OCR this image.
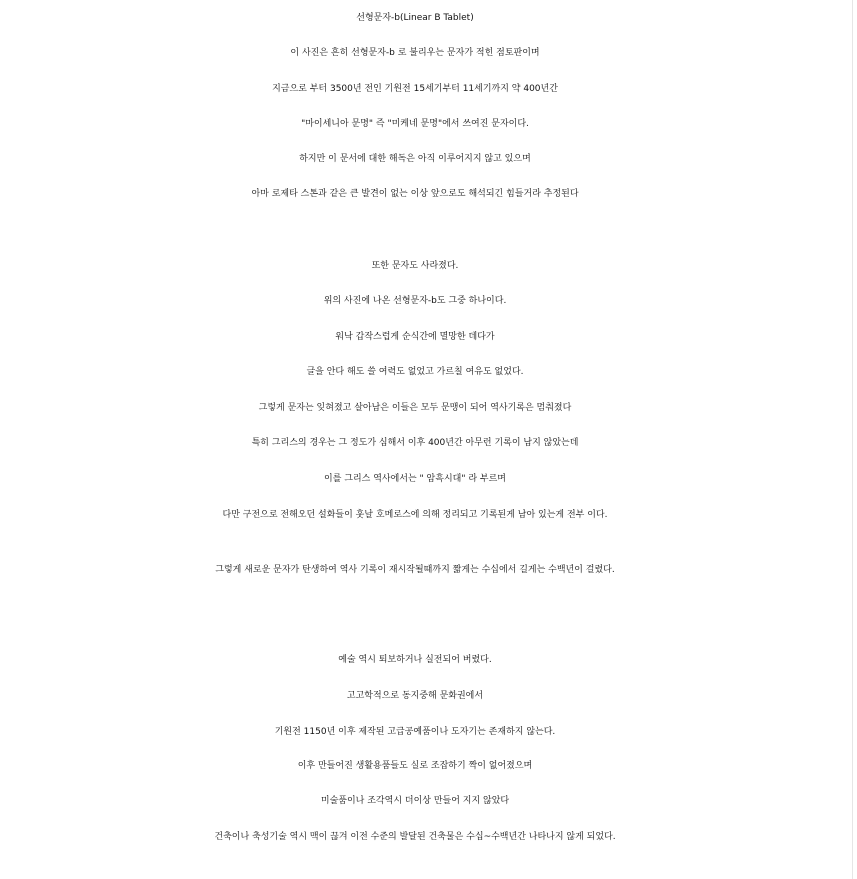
선형문자-b(Linear B Tablet)
이 사진은 흔히 선형문자-b 로 불리우는 문자가 적힌 점토판이며
지금으로 부터 3500년 전인 기원전 15세기부터 11세기까지 약 400년간
"마이세니아 문명" 즉 "미케네 문명"에서 쓰여진 문자이다.
하지만 이 문서에 대한 해독은 아직 이루어지지 않고 있으며
아마 로제타 스톤과 같은 큰 발견이 없는 이상 앞으로도 해석되긴 힘들거라 추정된다
또한 문자도 사라졌다.
위의 사진에 나온 선형문자-b도 그중 하나이다.
워낙 갑작스럽게 순식간에 멸망한 데다가
글을 안다 해도 쓸 여력도 없었고 가르칠 여유도 없었다.
그렇게 문자는 잊혀졌고 살아남은 이들은 모두 문맹이 되어 역사기록은 멈춰졌다
특히 그리스의 경우는 그 정도가 심해서 이후 400년간 아무런 기록이 남지 않았는데
이를 그리스 역사에서는 " 암흑시대" 라 부르며
다만 구전으로 전해오던 설화들이 훗날 호메로스에 의해 정리되고 기록된게 남아 있는게 전부 이다.
그렇게 새로운 문자가 탄생하여 역사 기록이 재시작될때까지 짧게는 수십에서 길게는 수백년이 걸렸다.
예술 역시 퇴보하거나 실전되어 버렸다.
고고학적으로 동지중해 문화권에서
기원전 1150년 이후 제작된 고급공예품이나 도자기는 존재하지 않는다.
이후 만들어진 생활용품들도 실로 조잡하기 짝이 없어졌으며
미술품이나 조각역시 더이상 만들어 지지 않았다
건축이나 축성기술 역시 맥이 끊겨 이전 수준의 발달된 건축물은 수십~수백년간 나타나지 않게 되었다.
